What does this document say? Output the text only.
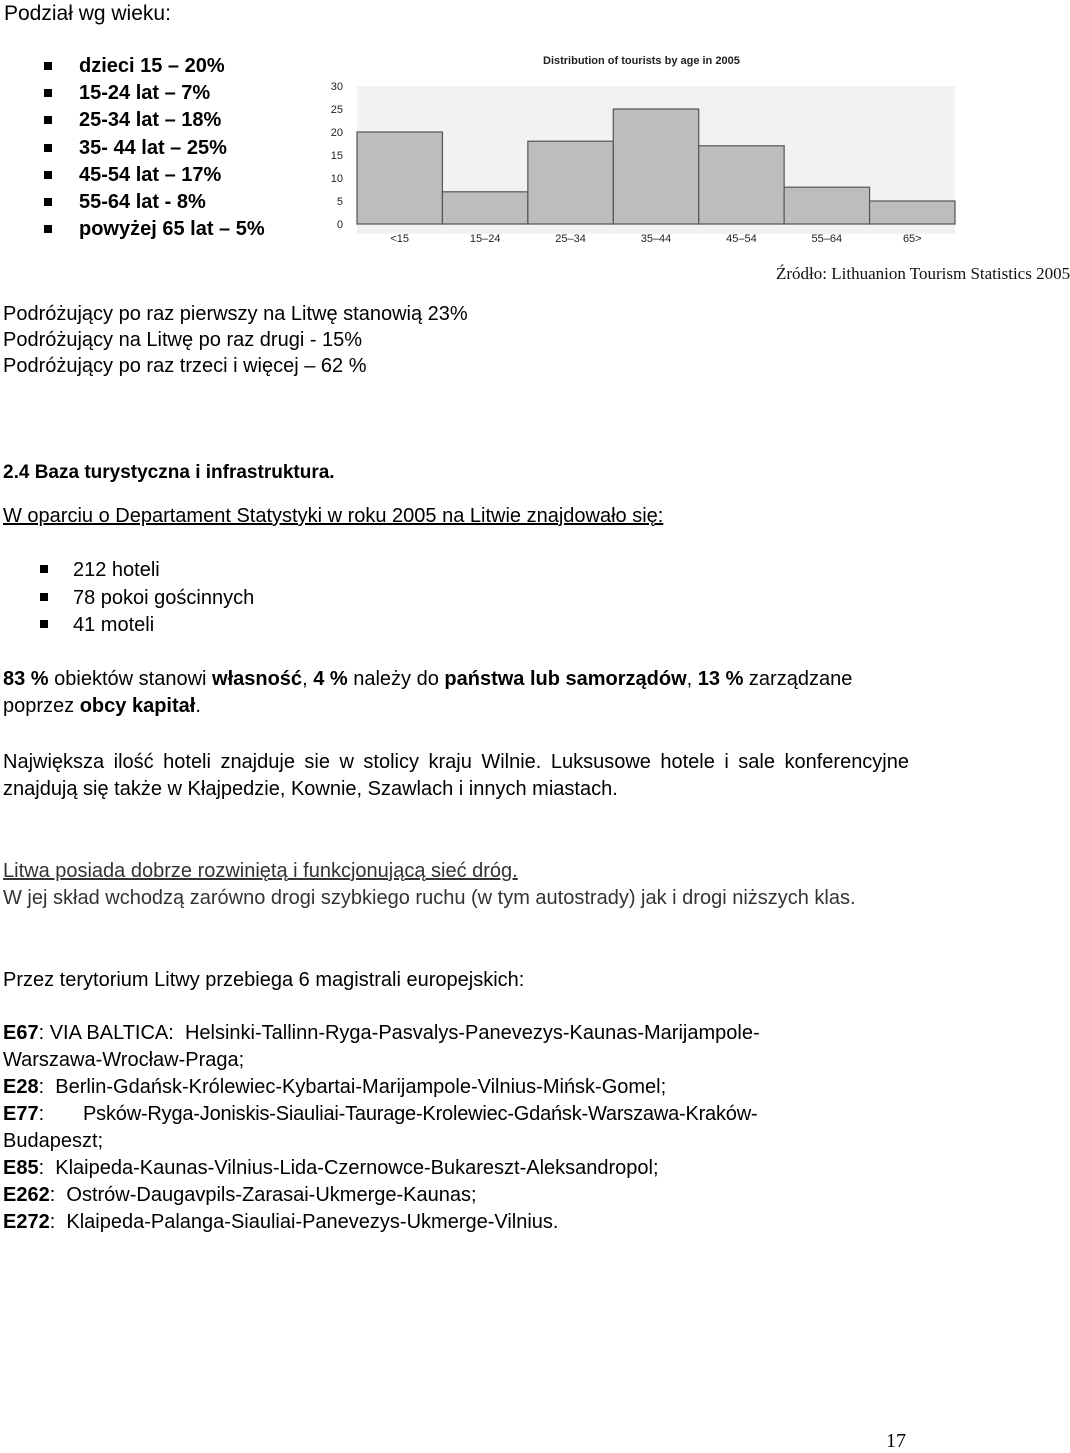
Podział wg wieku:
dzieci 15 – 20%
15-24 lat – 7%
25-34 lat – 18%
35- 44 lat – 25%
45-54 lat – 17%
55-64 lat - 8%
powyżej 65 lat – 5%
Distribution of tourists by age in 2005
0
5
10
15
20
25
30
<15	15–24	25–34	35–44	45–54	55–64	65>
Źródło: Lithuanion Tourism Statistics 2005
Podróżujący po raz pierwszy na Litwę stanowią 23%
Podróżujący na Litwę po raz drugi - 15%
Podróżujący po raz trzeci i więcej – 62 %
2.4 Baza turystyczna i infrastruktura.
W oparciu o Departament Statystyki w roku 2005 na Litwie znajdowało się:
212 hoteli
78 pokoi gościnnych
41 moteli
83 % obiektów stanowi własność, 4 % należy do państwa lub samorządów, 13 % zarządzane poprzez obcy kapitał.
Największa ilość hoteli znajduje sie w stolicy kraju Wilnie. Luksusowe hotele i sale konferencyjne znajdują się także w Kłajpedzie, Kownie, Szawlach i innych miastach.
Litwa posiada dobrze rozwiniętą i funkcjonującą sieć dróg.
W jej skład wchodzą zarówno drogi szybkiego ruchu (w tym autostrady) jak i drogi niższych klas.
Przez terytorium Litwy przebiega 6 magistrali europejskich:
E67: VIA BALTICA:  Helsinki-Tallinn-Ryga-Pasvalys-Panevezys-Kaunas-Marijampole-
Warszawa-Wrocław-Praga;
E28:  Berlin-Gdańsk-Królewiec-Kybartai-Marijampole-Vilnius-Mińsk-Gomel;
E77:       Psków-Ryga-Joniskis-Siauliai-Taurage-Krolewiec-Gdańsk-Warszawa-Kraków-
Budapeszt;
E85:  Klaipeda-Kaunas-Vilnius-Lida-Czernowce-Bukareszt-Aleksandropol;
E262:  Ostrów-Daugavpils-Zarasai-Ukmerge-Kaunas;
E272:  Klaipeda-Palanga-Siauliai-Panevezys-Ukmerge-Vilnius.
17
